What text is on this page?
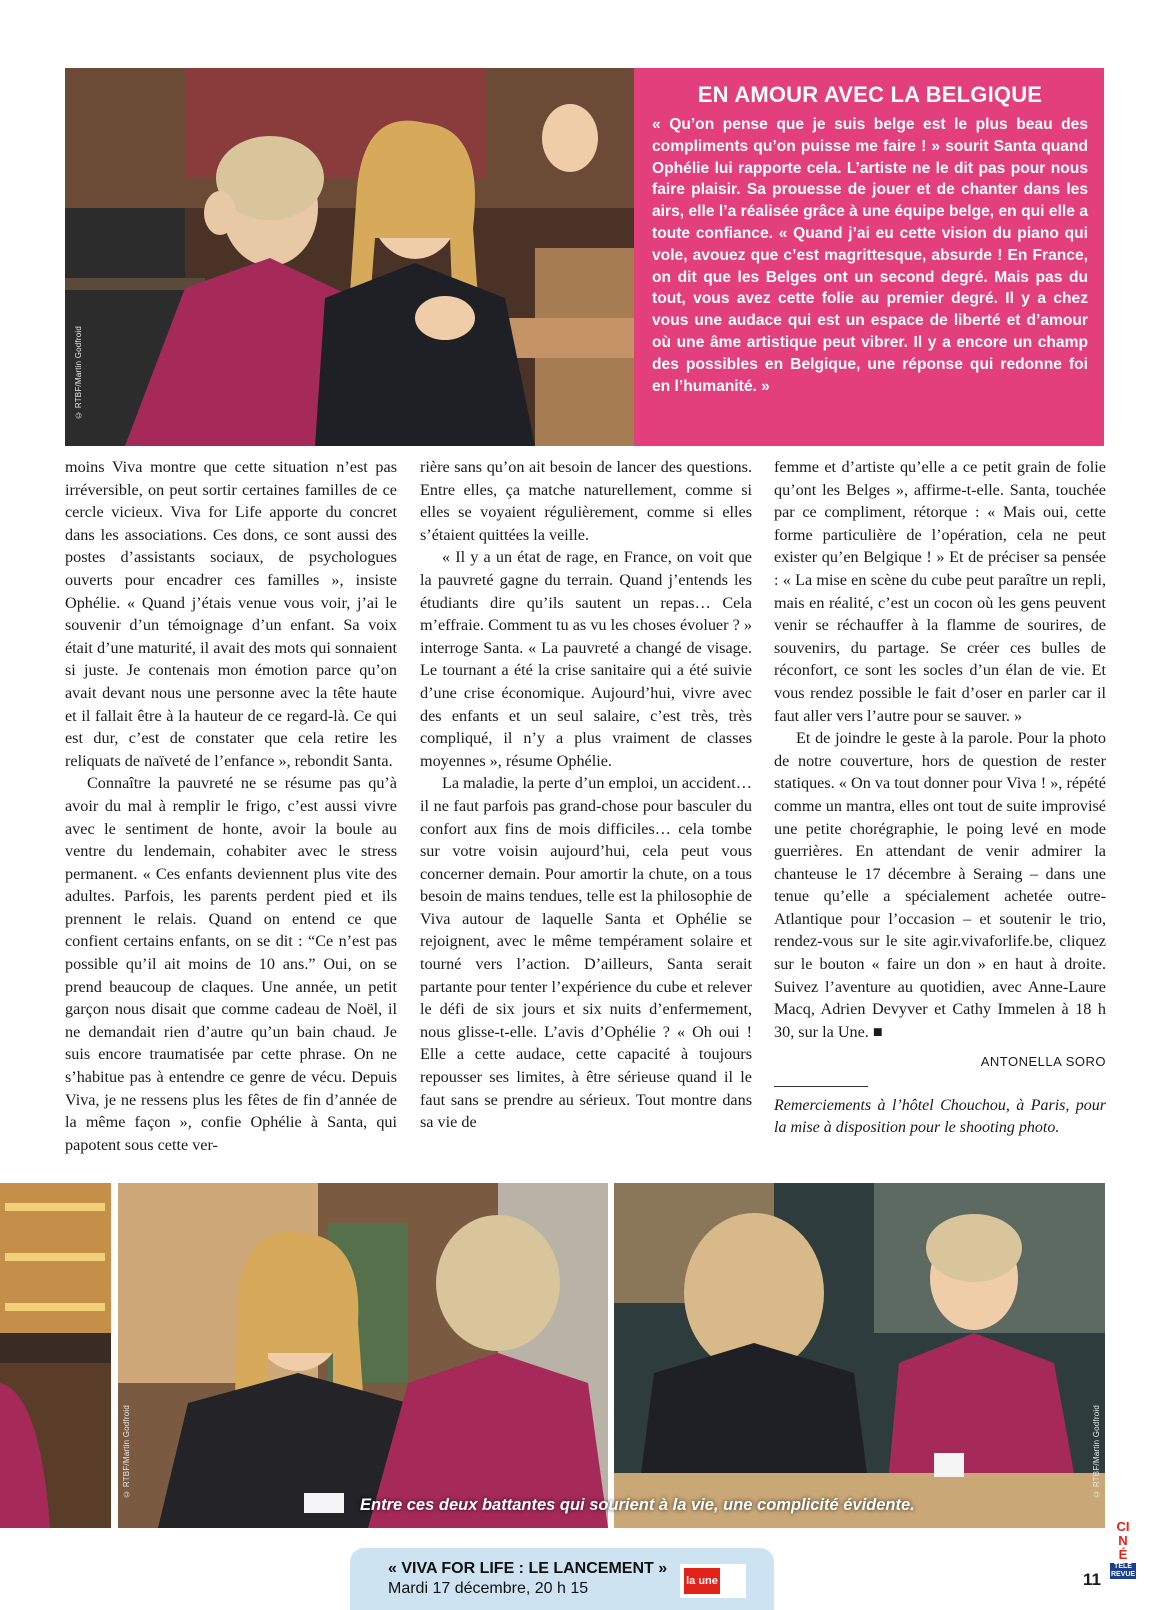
© RTBF/Martin Godfroid
EN AMOUR AVEC LA BELGIQUE

« Qu’on pense que je suis belge est le plus beau des compliments qu’on puisse me faire ! » sourit Santa quand Ophélie lui rapporte cela. L’artiste ne le dit pas pour nous faire plaisir. Sa prouesse de jouer et de chanter dans les airs, elle l’a réalisée grâce à une équipe belge, en qui elle a toute confiance. « Quand j’ai eu cette vision du piano qui vole, avouez que c’est magrittesque, absurde ! En France, on dit que les Belges ont un second degré. Mais pas du tout, vous avez cette folie au premier degré. Il y a chez vous une audace qui est un espace de liberté et d’amour où une âme artistique peut vibrer. Il y a encore un champ des possibles en Belgique, une réponse qui redonne foi en l’humanité. »

moins Viva montre que cette situation n’est pas irréversible, on peut sortir certaines familles de ce cercle vicieux. Viva for Life apporte du concret dans les associations. Ces dons, ce sont aussi des postes d’assistants sociaux, de psychologues ouverts pour encadrer ces familles », insiste Ophélie. « Quand j’étais venue vous voir, j’ai le souvenir d’un témoignage d’un enfant. Sa voix était d’une maturité, il avait des mots qui sonnaient si juste. Je contenais mon émotion parce qu’on avait devant nous une personne avec la tête haute et il fallait être à la hauteur de ce regard-là. Ce qui est dur, c’est de constater que cela retire les reliquats de naïveté de l’enfance », rebondit Santa.

Connaître la pauvreté ne se résume pas qu’à avoir du mal à remplir le frigo, c’est aussi vivre avec le sentiment de honte, avoir la boule au ventre du lendemain, cohabiter avec le stress permanent. « Ces enfants deviennent plus vite des adultes. Parfois, les parents perdent pied et ils prennent le relais. Quand on entend ce que confient certains enfants, on se dit : “Ce n’est pas possible qu’il ait moins de 10 ans.” Oui, on se prend beaucoup de claques. Une année, un petit garçon nous disait que comme cadeau de Noël, il ne demandait rien d’autre qu’un bain chaud. Je suis encore traumatisée par cette phrase. On ne s’habitue pas à entendre ce genre de vécu. Depuis Viva, je ne ressens plus les fêtes de fin d’année de la même façon », confie Ophélie à Santa, qui papotent sous cette ver-

rière sans qu’on ait besoin de lancer des questions. Entre elles, ça matche naturellement, comme si elles se voyaient régulièrement, comme si elles s’étaient quittées la veille.

« Il y a un état de rage, en France, on voit que la pauvreté gagne du terrain. Quand j’entends les étudiants dire qu’ils sautent un repas… Cela m’effraie. Comment tu as vu les choses évoluer ? » interroge Santa. « La pauvreté a changé de visage. Le tournant a été la crise sanitaire qui a été suivie d’une crise économique. Aujourd’hui, vivre avec des enfants et un seul salaire, c’est très, très compliqué, il n’y a plus vraiment de classes moyennes », résume Ophélie.

La maladie, la perte d’un emploi, un accident… il ne faut parfois pas grand-chose pour basculer du confort aux fins de mois difficiles… cela tombe sur votre voisin aujourd’hui, cela peut vous concerner demain. Pour amortir la chute, on a tous besoin de mains tendues, telle est la philosophie de Viva autour de laquelle Santa et Ophélie se rejoignent, avec le même tempérament solaire et tourné vers l’action. D’ailleurs, Santa serait partante pour tenter l’expérience du cube et relever le défi de six jours et six nuits d’enfermement, nous glisse-t-elle. L’avis d’Ophélie ? « Oh oui ! Elle a cette audace, cette capacité à toujours repousser ses limites, à être sérieuse quand il le faut sans se prendre au sérieux. Tout montre dans sa vie de

femme et d’artiste qu’elle a ce petit grain de folie qu’ont les Belges », affirme-t-elle. Santa, touchée par ce compliment, rétorque : « Mais oui, cette forme particulière de l’opération, cela ne peut exister qu’en Belgique ! » Et de préciser sa pensée : « La mise en scène du cube peut paraître un repli, mais en réalité, c’est un cocon où les gens peuvent venir se réchauffer à la flamme de sourires, de souvenirs, du partage. Se créer ces bulles de réconfort, ce sont les socles d’un élan de vie. Et vous rendez possible le fait d’oser en parler car il faut aller vers l’autre pour se sauver. »

Et de joindre le geste à la parole. Pour la photo de notre couverture, hors de question de rester statiques. « On va tout donner pour Viva ! », répété comme un mantra, elles ont tout de suite improvisé une petite chorégraphie, le poing levé en mode guerrières. En attendant de venir admirer la chanteuse le 17 décembre à Seraing – dans une tenue qu’elle a spécialement achetée outre-Atlantique pour l’occasion – et soutenir le trio, rendez-vous sur le site agir.vivaforlife.be, cliquez sur le bouton « faire un don » en haut à droite. Suivez l’aventure au quotidien, avec Anne-Laure Macq, Adrien Devyver et Cathy Immelen à 18 h 30, sur la Une. ■

ANTONELLA SORO
Remerciements à l’hôtel Chouchou, à Paris, pour la mise à disposition pour le shooting photo.
© RTBF/Martin Godfroid	© RTBF/Martin Godfroid
Entre ces deux battantes qui sourient à la vie, une complicité évidente.
« VIVA FOR LIFE : LE LANCEMENT »
Mardi 17 décembre, 20 h 15	la une	11
CINÉ
TÉLÉ REVUE
